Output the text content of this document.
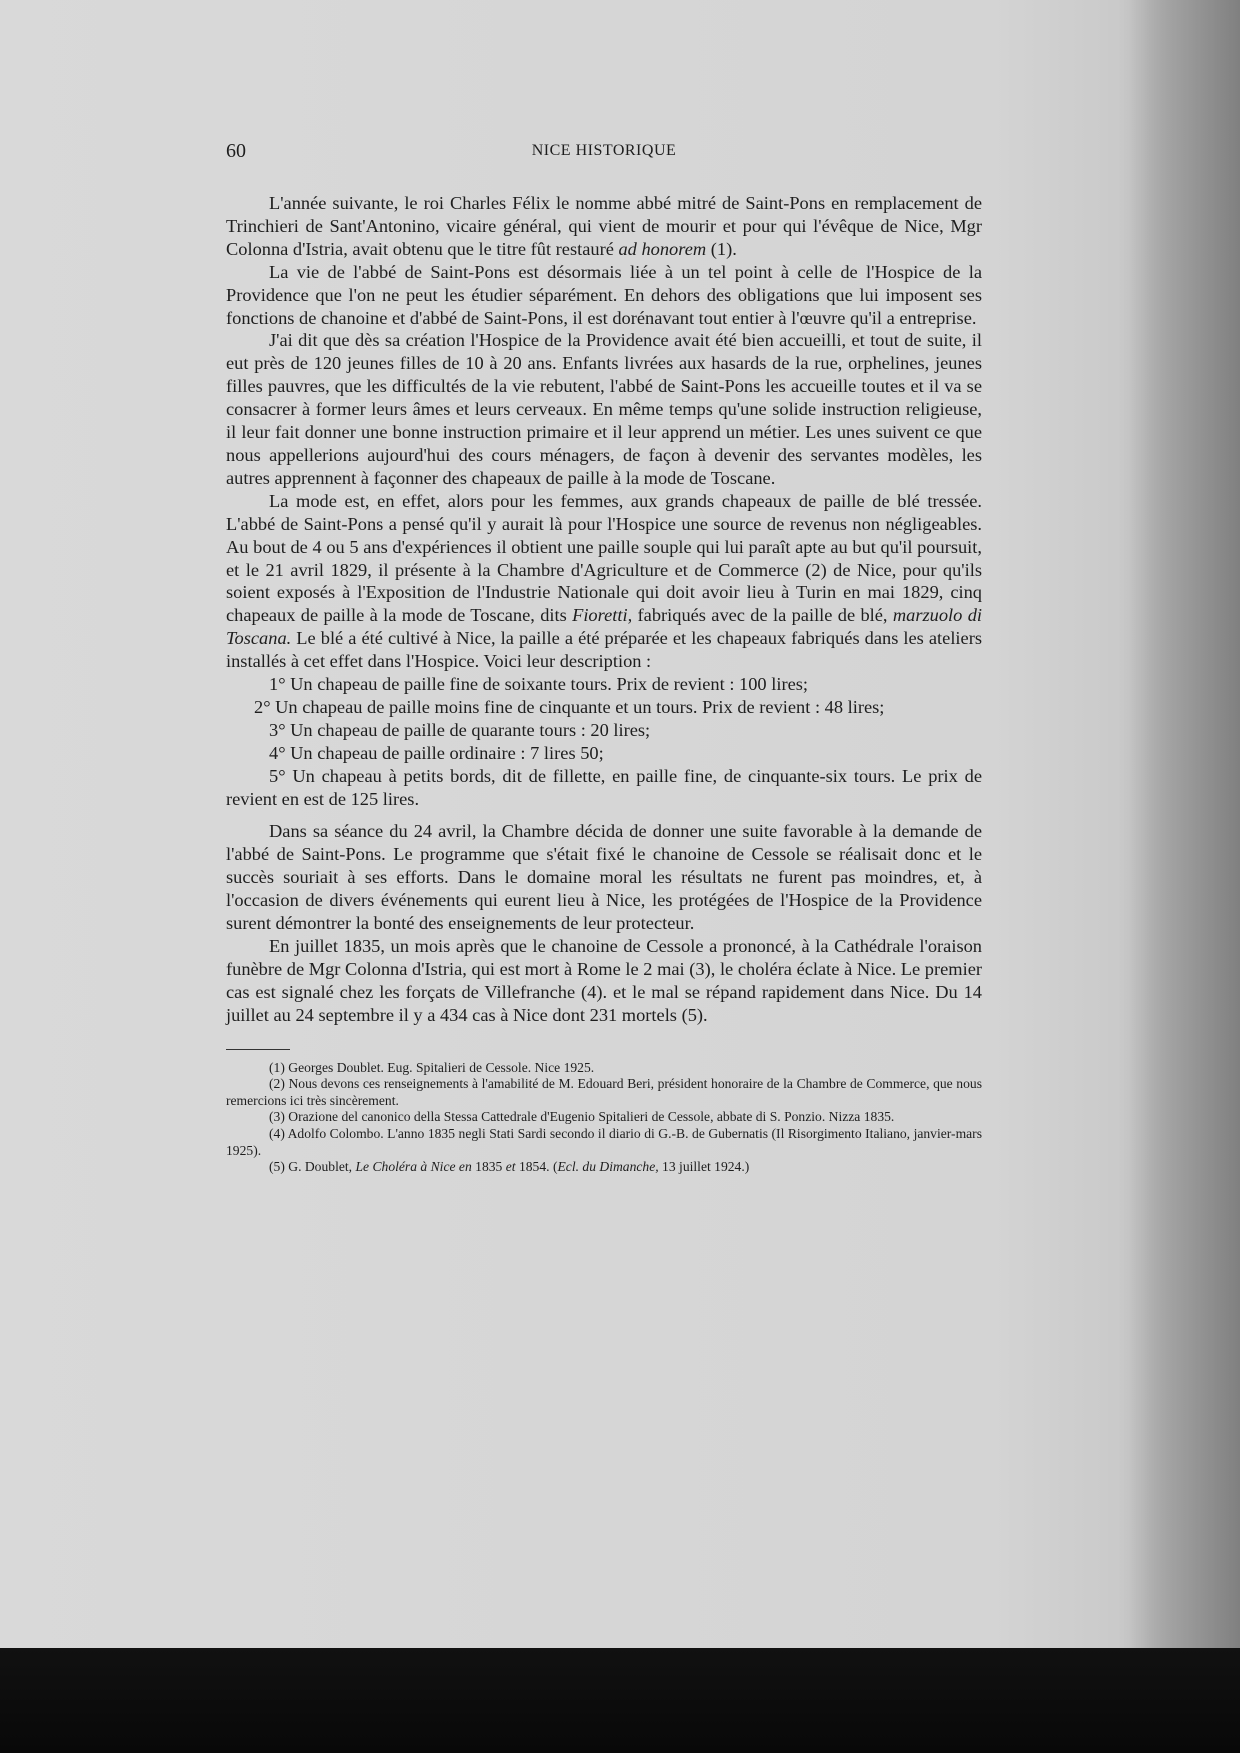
60	NICE HISTORIQUE

L'année suivante, le roi Charles Félix le nomme abbé mitré de Saint-Pons en remplacement de Trinchieri de Sant'Antonino, vicaire général, qui vient de mourir et pour qui l'évêque de Nice, Mgr Colonna d'Istria, avait obtenu que le titre fût restauré ad honorem (1).

La vie de l'abbé de Saint-Pons est désormais liée à un tel point à celle de l'Hospice de la Providence que l'on ne peut les étudier séparément. En dehors des obligations que lui imposent ses fonctions de chanoine et d'abbé de Saint-Pons, il est dorénavant tout entier à l'œuvre qu'il a entreprise.

J'ai dit que dès sa création l'Hospice de la Providence avait été bien accueilli, et tout de suite, il eut près de 120 jeunes filles de 10 à 20 ans. Enfants livrées aux hasards de la rue, orphelines, jeunes filles pauvres, que les difficultés de la vie rebutent, l'abbé de Saint-Pons les accueille toutes et il va se consacrer à former leurs âmes et leurs cerveaux. En même temps qu'une solide instruction religieuse, il leur fait donner une bonne instruction primaire et il leur apprend un métier. Les unes suivent ce que nous appellerions aujourd'hui des cours ménagers, de façon à devenir des servantes modèles, les autres apprennent à façonner des chapeaux de paille à la mode de Toscane.

La mode est, en effet, alors pour les femmes, aux grands chapeaux de paille de blé tressée. L'abbé de Saint-Pons a pensé qu'il y aurait là pour l'Hospice une source de revenus non négligeables. Au bout de 4 ou 5 ans d'expériences il obtient une paille souple qui lui paraît apte au but qu'il poursuit, et le 21 avril 1829, il présente à la Chambre d'Agriculture et de Commerce (2) de Nice, pour qu'ils soient exposés à l'Exposition de l'Industrie Nationale qui doit avoir lieu à Turin en mai 1829, cinq chapeaux de paille à la mode de Toscane, dits Fioretti, fabriqués avec de la paille de blé, marzuolo di Toscana. Le blé a été cultivé à Nice, la paille a été préparée et les chapeaux fabriqués dans les ateliers installés à cet effet dans l'Hospice. Voici leur description :

1° Un chapeau de paille fine de soixante tours. Prix de revient : 100 lires;

2° Un chapeau de paille moins fine de cinquante et un tours. Prix de revient : 48 lires;

3° Un chapeau de paille de quarante tours : 20 lires;

4° Un chapeau de paille ordinaire : 7 lires 50;

5° Un chapeau à petits bords, dit de fillette, en paille fine, de cinquante-six tours. Le prix de revient en est de 125 lires.

Dans sa séance du 24 avril, la Chambre décida de donner une suite favorable à la demande de l'abbé de Saint-Pons. Le programme que s'était fixé le chanoine de Cessole se réalisait donc et le succès souriait à ses efforts. Dans le domaine moral les résultats ne furent pas moindres, et, à l'occasion de divers événements qui eurent lieu à Nice, les protégées de l'Hospice de la Providence surent démontrer la bonté des enseignements de leur protecteur.

En juillet 1835, un mois après que le chanoine de Cessole a prononcé, à la Cathédrale l'oraison funèbre de Mgr Colonna d'Istria, qui est mort à Rome le 2 mai (3), le choléra éclate à Nice. Le premier cas est signalé chez les forçats de Villefranche (4). et le mal se répand rapidement dans Nice. Du 14 juillet au 24 septembre il y a 434 cas à Nice dont 231 mortels (5).

(1) Georges Doublet. Eug. Spitalieri de Cessole. Nice 1925.

(2) Nous devons ces renseignements à l'amabilité de M. Edouard Beri, président honoraire de la Chambre de Commerce, que nous remercions ici très sincèrement.

(3) Orazione del canonico della Stessa Cattedrale d'Eugenio Spitalieri de Cessole, abbate di S. Ponzio. Nizza 1835.

(4) Adolfo Colombo. L'anno 1835 negli Stati Sardi secondo il diario di G.-B. de Gubernatis (Il Risorgimento Italiano, janvier-mars 1925).

(5) G. Doublet, Le Choléra à Nice en 1835 et 1854. (Ecl. du Dimanche, 13 juillet 1924.)
